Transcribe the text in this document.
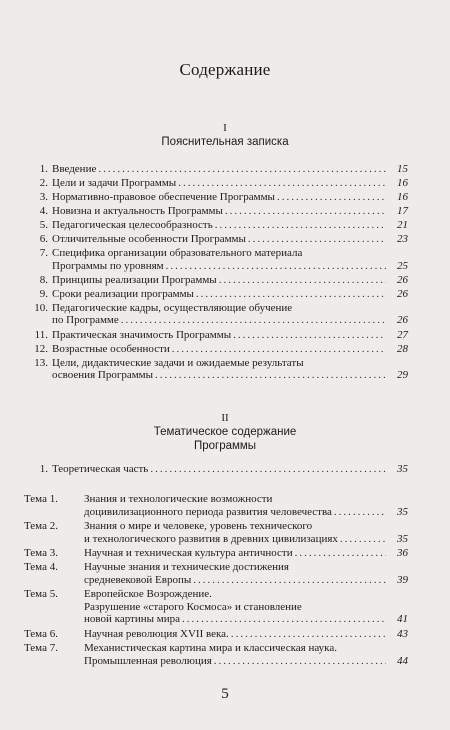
Содержание
I
Пояснительная записка
1. Введение .....	15
2. Цели и задачи Программы .....	16
3. Нормативно-правовое обеспечение Программы .....	16
4. Новизна и актуальность Программы .....	17
5. Педагогическая целесообразность .....	21
6. Отличительные особенности Программы .....	23
7. Специфика организации образовательного материала
Программы по уровням .....	25
8. Принципы реализации Программы .....	26
9. Сроки реализации программы .....	26
10. Педагогические кадры, осуществляющие обучение
по Программе .....	26
11. Практическая значимость Программы .....	27
12. Возрастные особенности .....	28
13. Цели, дидактические задачи и ожидаемые результаты
освоения Программы .....	29
II
Тематическое содержание
Программы
1. Теоретическая часть .....	35
Тема 1.	Знания и технологические возможности
доцивилизационного периода развития человечества .....	35
Тема 2.	Знания о мире и человеке, уровень технического
и технологического развития в древних цивилизациях .....	35
Тема 3.	Научная и техническая культура античности .....	36
Тема 4.	Научные знания и технические достижения
средневековой Европы .....	39
Тема 5.	Европейское Возрождение.
Разрушение «старого Космоса» и становление
новой картины мира .....	41
Тема 6.	Научная революция XVII века. .....	43
Тема 7.	Механистическая картина мира и классическая наука.
Промышленная революция .....	44
5
